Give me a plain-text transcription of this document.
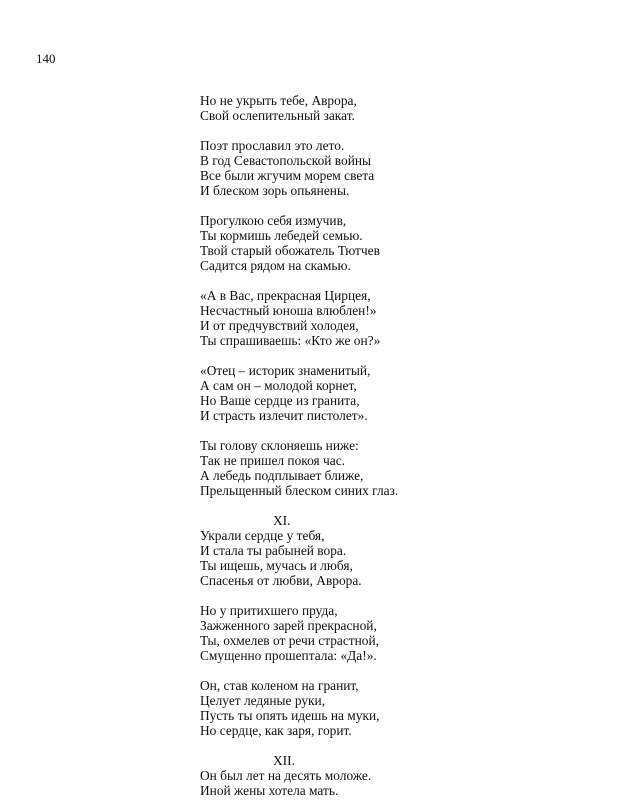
140
Но не укрыть тебе, Аврора,
Свой ослепительный закат.
Поэт прославил это лето.
В год Севастопольской войны
Все были жгучим морем света
И блеском зорь опьянены.
Прогулкою себя измучив,
Ты кормишь лебедей семью.
Твой старый обожатель Тютчев
Садится рядом на скамью.
«А в Вас, прекрасная Цирцея,
Несчастный юноша влюблен!»
И от предчувствий холодея,
Ты спрашиваешь: «Кто же он?»
«Отец – историк знаменитый,
А сам он – молодой корнет,
Но Ваше сердце из гранита,
И страсть излечит пистолет».
Ты голову склоняешь ниже:
Так не пришел покоя час.
А лебедь подплывает ближе,
Прельщенный блеском синих глаз.
XI.
Украли сердце у тебя,
И стала ты рабыней вора.
Ты ищешь, мучась и любя,
Спасенья от любви, Аврора.
Но у притихшего пруда,
Зажженного зарей прекрасной,
Ты, охмелев от речи страстной,
Смущенно прошептала: «Да!».
Он, став коленом на гранит,
Целует ледяные руки,
Пусть ты опять идешь на муки,
Но сердце, как заря, горит.
XII.
Он был лет на десять моложе.
Иной жены хотела мать.
